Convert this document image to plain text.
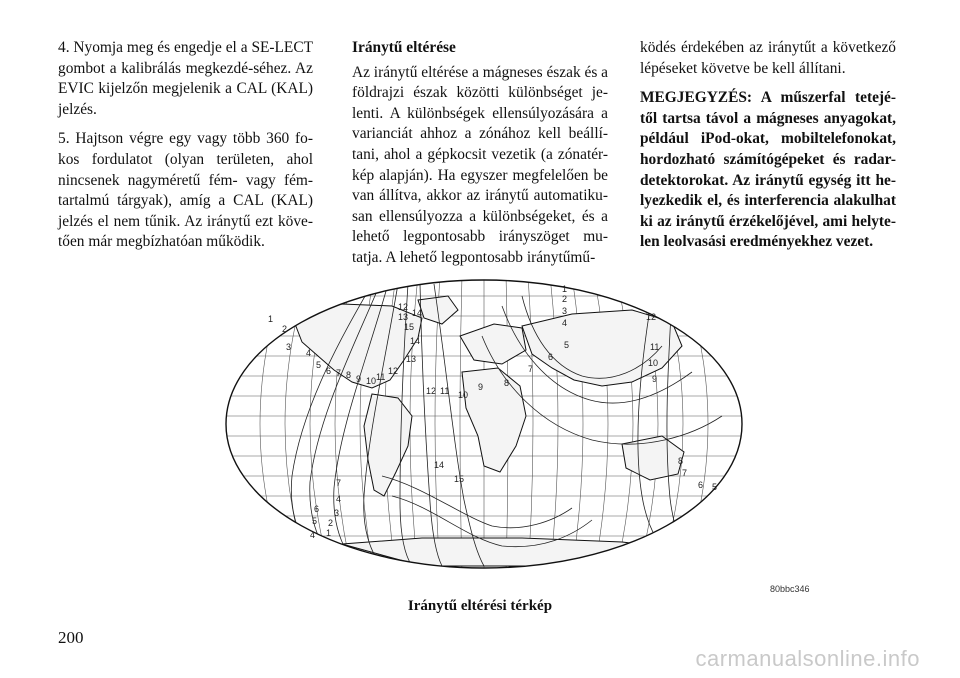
4. Nyomja meg és engedje el a SE-LECT gombot a kalibrálás megkezdé-séhez. Az EVIC kijelzőn megjelenik a CAL (KAL) jelzés.

5. Hajtson végre egy vagy több 360 fo-kos fordulatot (olyan területen, ahol nincsenek nagyméretű fém- vagy fém-tartalmú tárgyak), amíg a CAL (KAL) jelzés el nem tűnik. Az iránytű ezt köve-tően már megbízhatóan működik.

Iránytű eltérése

Az iránytű eltérése a mágneses észak és a földrajzi észak közötti különbséget je-lenti. A különbségek ellensúlyozására a varianciát ahhoz a zónához kell beállí-tani, ahol a gépkocsit vezetik (a zónatér-kép alapján). Ha egyszer megfelelően be van állítva, akkor az iránytű automatiku-san ellensúlyozza a különbségeket, és a lehető legpontosabb irányszöget mu-tatja. A lehető legpontosabb iránytűmű-

ködés érdekében az iránytűt a következő lépéseket követve be kell állítani.

MEGJEGYZÉS: A műszerfal tetejé-től tartsa távol a mágneses anyagokat, például iPod-okat, mobiltelefonokat, hordozható számítógépeket és radar-detektorokat. Az iránytű egység itt he-lyezkedik el, és interferencia alakulhat ki az iránytű érzékelőjével, ami helyte-len leolvasási eredményekhez vezet.

1
2
3
4
5
6 7 8 9 10 11
12
13
14
15
12 11 10
9 8
7
6
5
4
3
2
1
12
13 14
11
12
10
9
8
7
6 5
4
3
2
1
14
15
7
6
5
4
80bbc346
Iránytű eltérési térkép
200
carmanualsonline.info
